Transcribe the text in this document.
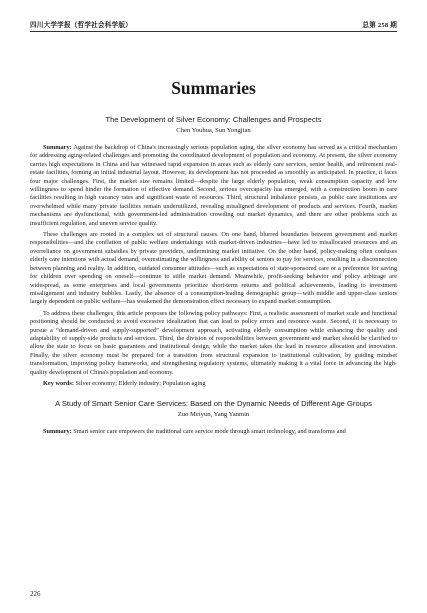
四川大学学报（哲学社会科学版）	总第 258 期
Summaries
The Development of Silver Economy: Challenges and Prospects
Chen Youhua, Sun Yongjian

Summary: Against the backdrop of China's increasingly serious population aging, the silver economy has served as a critical mechanism for addressing aging-related challenges and promoting the coordinated development of population and economy. At present, the silver economy carries high expectations in China and has witnessed rapid expansion in areas such as elderly care services, senior health, and retirement real-estate facilities, forming an initial industrial layout. However, its development has not proceeded as smoothly as anticipated. In practice, it faces four major challenges. First, the market size remains limited—despite the large elderly population, weak consumption capacity and low willingness to spend hinder the formation of effective demand. Second, serious overcapacity has emerged, with a construction boom in care facilities resulting in high vacancy rates and significant waste of resources. Third, structural imbalance persists, as public care institutions are overwhelmed while many private facilities remain underutilized, revealing misaligned development of products and services. Fourth, market mechanisms are dysfunctional, with government-led administration crowding out market dynamics, and there are other problems such as insufficient regulation, and uneven service quality.

These challenges are rooted in a complex set of structural causes. On one hand, blurred boundaries between government and market responsibilities—and the conflation of public welfare undertakings with market-driven industries—have led to misallocated resources and an overreliance on government subsidies by private providers, undermining market initiative. On the other hand, policy-making often confuses elderly care intentions with actual demand, overestimating the willingness and ability of seniors to pay for services, resulting in a disconnection between planning and reality. In addition, outdated consumer attitudes—such as expectations of state-sponsored care or a preference for saving for children over spending on oneself—continue to stifle market demand. Meanwhile, profit-seeking behavior and policy arbitrage are widespread, as some enterprises and local governments prioritize short-term returns and political achievements, leading to investment misalignment and industry bubbles. Lastly, the absence of a consumption-leading demographic group—with middle and upper-class seniors largely dependent on public welfare—has weakened the demonstration effect necessary to expand market consumption.

To address these challenges, this article proposes the following policy pathways: First, a realistic assessment of market scale and functional positioning should be conducted to avoid excessive idealization that can lead to policy errors and resource waste. Second, it is necessary to pursue a “demand-driven and supply-supported” development approach, activating elderly consumption while enhancing the quality and adaptability of supply-side products and services. Third, the division of responsibilities between government and market should be clarified to allow the state to focus on basic guarantees and institutional design, while the market takes the lead in resource allocation and innovation. Finally, the silver economy must be prepared for a transition from structural expansion to institutional cultivation, by guiding mindset transformation, improving policy frameworks, and strengthening regulatory systems, ultimately making it a vital force in advancing the high-quality development of China's population and economy.

Key words: Silver economy; Elderly industry; Population aging

A Study of Smart Senior Care Services: Based on the Dynamic Needs of Different Age Groups
Zuo Meiyun, Yang Yanmin

Summary: Smart senior care empowers the traditional care service mode through smart technology, and transforms and

226
